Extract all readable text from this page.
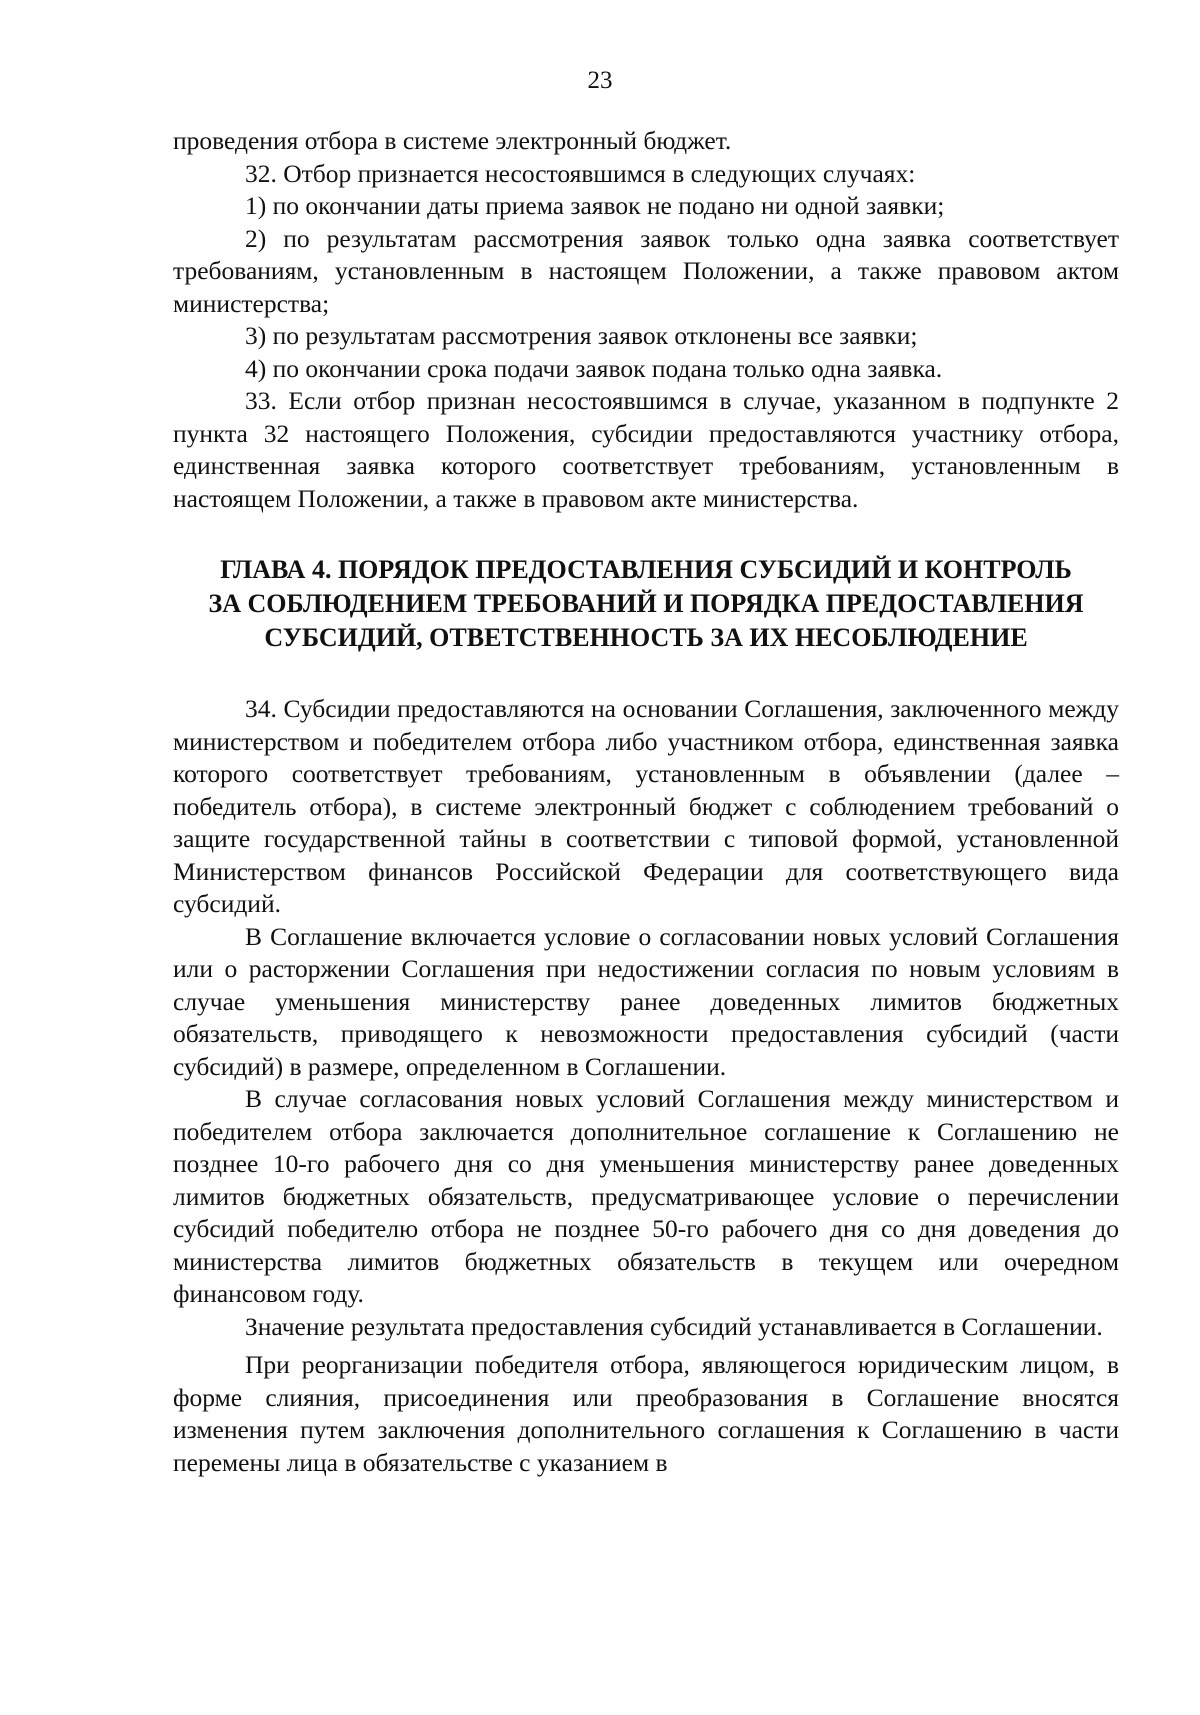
23

проведения отбора в системе электронный бюджет.

32. Отбор признается несостоявшимся в следующих случаях:

1) по окончании даты приема заявок не подано ни одной заявки;

2) по результатам рассмотрения заявок только одна заявка соответствует требованиям, установленным в настоящем Положении, а также правовом актом министерства;

3) по результатам рассмотрения заявок отклонены все заявки;

4) по окончании срока подачи заявок подана только одна заявка.

33. Если отбор признан несостоявшимся в случае, указанном в подпункте 2 пункта 32 настоящего Положения, субсидии предоставляются участнику отбора, единственная заявка которого соответствует требованиям, установленным в настоящем Положении, а также в правовом акте министерства.

ГЛАВА 4. ПОРЯДОК ПРЕДОСТАВЛЕНИЯ СУБСИДИЙ И КОНТРОЛЬ
ЗА СОБЛЮДЕНИЕМ ТРЕБОВАНИЙ И ПОРЯДКА ПРЕДОСТАВЛЕНИЯ
СУБСИДИЙ, ОТВЕТСТВЕННОСТЬ ЗА ИХ НЕСОБЛЮДЕНИЕ

34. Субсидии предоставляются на основании Соглашения, заключенного между министерством и победителем отбора либо участником отбора, единственная заявка которого соответствует требованиям, установленным в объявлении (далее – победитель отбора), в системе электронный бюджет с соблюдением требований о защите государственной тайны в соответствии с типовой формой, установленной Министерством финансов Российской Федерации для соответствующего вида субсидий.

В Соглашение включается условие о согласовании новых условий Соглашения или о расторжении Соглашения при недостижении согласия по новым условиям в случае уменьшения министерству ранее доведенных лимитов бюджетных обязательств, приводящего к невозможности предоставления субсидий (части субсидий) в размере, определенном в Соглашении.

В случае согласования новых условий Соглашения между министерством и победителем отбора заключается дополнительное соглашение к Соглашению не позднее 10-го рабочего дня со дня уменьшения министерству ранее доведенных лимитов бюджетных обязательств, предусматривающее условие о перечислении субсидий победителю отбора не позднее 50-го рабочего дня со дня доведения до министерства лимитов бюджетных обязательств в текущем или очередном финансовом году.

Значение результата предоставления субсидий устанавливается в Соглашении.

При реорганизации победителя отбора, являющегося юридическим лицом, в форме слияния, присоединения или преобразования в Соглашение вносятся изменения путем заключения дополнительного соглашения к Соглашению в части перемены лица в обязательстве с указанием в
